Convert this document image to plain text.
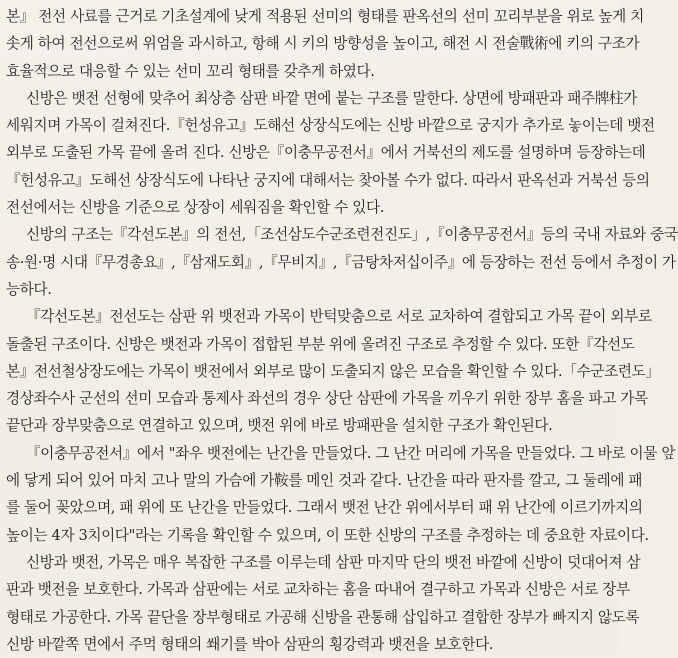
본』 전선 사료를 근거로 기초설계에 낮게 적용된 선미의 형태를 판옥선의 선미 꼬리부분을 위로 높게 치
솟게 하여 전선으로써 위엄을 과시하고, 항해 시 키의 방향성을 높이고, 해전 시 전술戰術에 키의 구조가
효율적으로 대응할 수 있는 선미 꼬리 형태를 갖추게 하였다.
신방은 뱃전 선형에 맞추어 최상층 삼판 바깥 면에 붙는 구조를 말한다. 상면에 방패판과 패주牌柱가
세워지며 가목이 걸쳐진다.『헌성유고』도해선 상장식도에는 신방 바깥으로 궁지가 추가로 놓이는데 뱃전
외부로 도출된 가목 끝에 올려 진다. 신방은『이충무공전서』에서 거북선의 제도를 설명하며 등장하는데
『헌성유고』도해선 상장식도에 나타난 궁지에 대해서는 찾아볼 수가 없다. 따라서 판옥선과 거북선 등의
전선에서는 신방을 기준으로 상장이 세워짐을 확인할 수 있다.
신방의 구조는『각선도본』의 전선,「조선삼도수군조련전진도」,『이충무공전서』등의 국내 자료와 중국
송·원·명 시대『무경총요』,『삼재도회』,『무비지』,『금탕차저십이주』에 등장하는 전선 등에서 추정이 가
능하다.
『각선도본』전선도는 삼판 위 뱃전과 가목이 반턱맞춤으로 서로 교차하여 결합되고 가목 끝이 외부로
돌출된 구조이다. 신방은 뱃전과 가목이 접합된 부분 위에 올려진 구조로 추정할 수 있다. 또한『각선도
본』전선철상장도에는 가목이 뱃전에서 외부로 많이 도출되지 않은 모습을 확인할 수 있다.「수군조련도」
경상좌수사 군선의 선미 모습과 통제사 좌선의 경우 상단 삼판에 가목을 끼우기 위한 장부 홈을 파고 가목
끝단과 장부맞춤으로 연결하고 있으며, 뱃전 위에 바로 방패판을 설치한 구조가 확인된다.
『이충무공전서』에서 "좌우 뱃전에는 난간을 만들었다. 그 난간 머리에 가목을 만들었다. 그 바로 이물 앞
에 닿게 되어 있어 마치 고나 말의 가슴에 가鞍를 메인 것과 같다. 난간을 따라 판자를 깔고, 그 둘레에 패
를 둘어 꽂았으며, 패 위에 또 난간을 만들었다. 그래서 뱃전 난간 위에서부터 패 위 난간에 이르기까지의
높이는 4자 3치이다"라는 기록을 확인할 수 있으며, 이 또한 신방의 구조를 추정하는 데 중요한 자료이다.
신방과 뱃전, 가목은 매우 복잡한 구조를 이루는데 삼판 마지막 단의 뱃전 바깥에 신방이 덧대어져 삼
판과 뱃전을 보호한다. 가목과 삼판에는 서로 교차하는 홈을 따내어 결구하고 가목과 신방은 서로 장부
형태로 가공한다. 가목 끝단을 장부형태로 가공해 신방을 관통해 삽입하고 결합한 장부가 빠지지 않도록
신방 바깥쪽 면에서 주먹 형태의 쐐기를 박아 삼판의 횡강력과 뱃전을 보호한다.
